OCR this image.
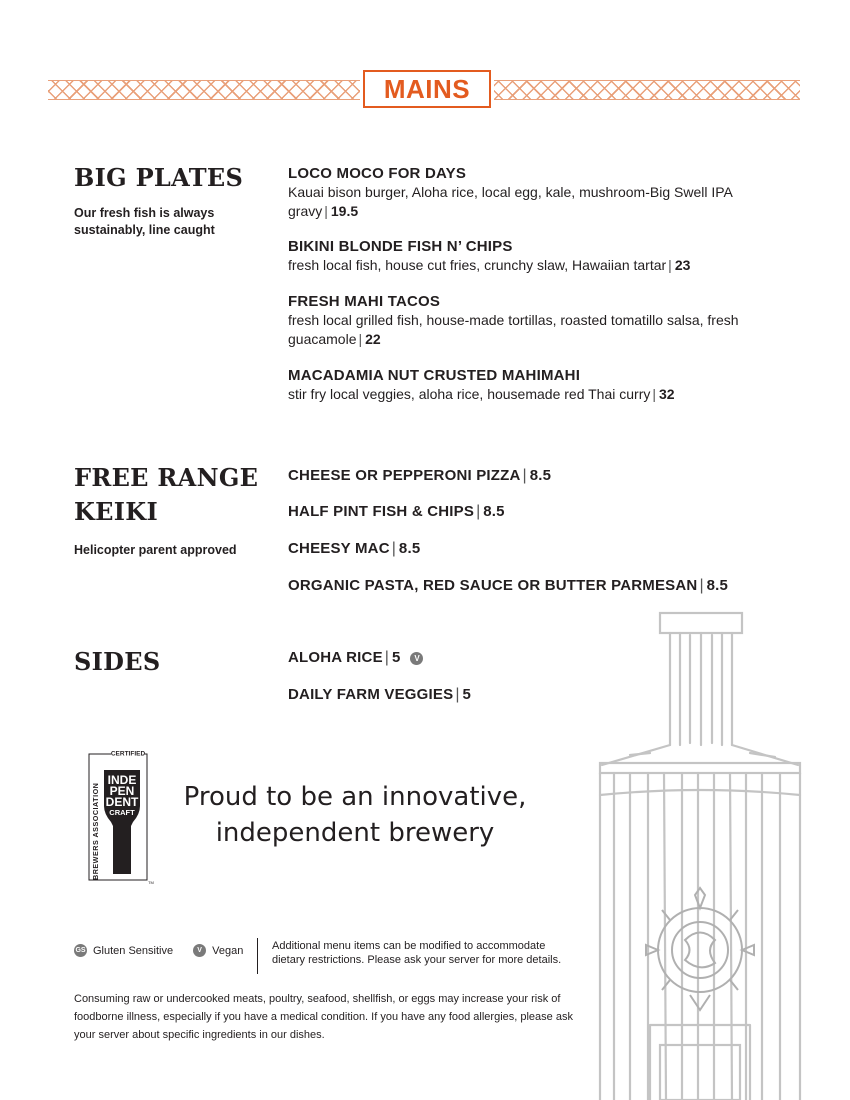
MAINS
BIG PLATES
Our fresh fish is always sustainably, line caught
LOCO MOCO FOR DAYS
Kauai bison burger, Aloha rice, local egg, kale, mushroom-Big Swell IPA gravy | 19.5
BIKINI BLONDE FISH N’ CHIPS
fresh local fish, house cut fries, crunchy slaw, Hawaiian tartar | 23
FRESH MAHI TACOS
fresh local grilled fish, house-made tortillas, roasted tomatillo salsa, fresh guacamole | 22
MACADAMIA NUT CRUSTED MAHIMAHI
stir fry local veggies, aloha rice, housemade red Thai curry | 32
FREE RANGE
KEIKI
Helicopter parent approved
CHEESE OR PEPPERONI PIZZA | 8.5
HALF PINT FISH & CHIPS | 8.5
CHEESY MAC | 8.5
ORGANIC PASTA, RED SAUCE OR BUTTER PARMESAN | 8.5
SIDES	ALOHA RICE | 5 V
DAILY FARM VEGGIES | 5
CERTIFIED
BREWERS ASSOCIATION
INDE
PEN
DENT
CRAFT
TM
Proud to be an innovative,
independent brewery
GS Gluten Sensitive	V Vegan	Additional menu items can be modified to accommodate dietary restrictions. Please ask your server for more details.
Consuming raw or undercooked meats, poultry, seafood, shellfish, or eggs may increase your risk of foodborne illness, especially if you have a medical condition. If you have any food allergies, please ask your server about specific ingredients in our dishes.
